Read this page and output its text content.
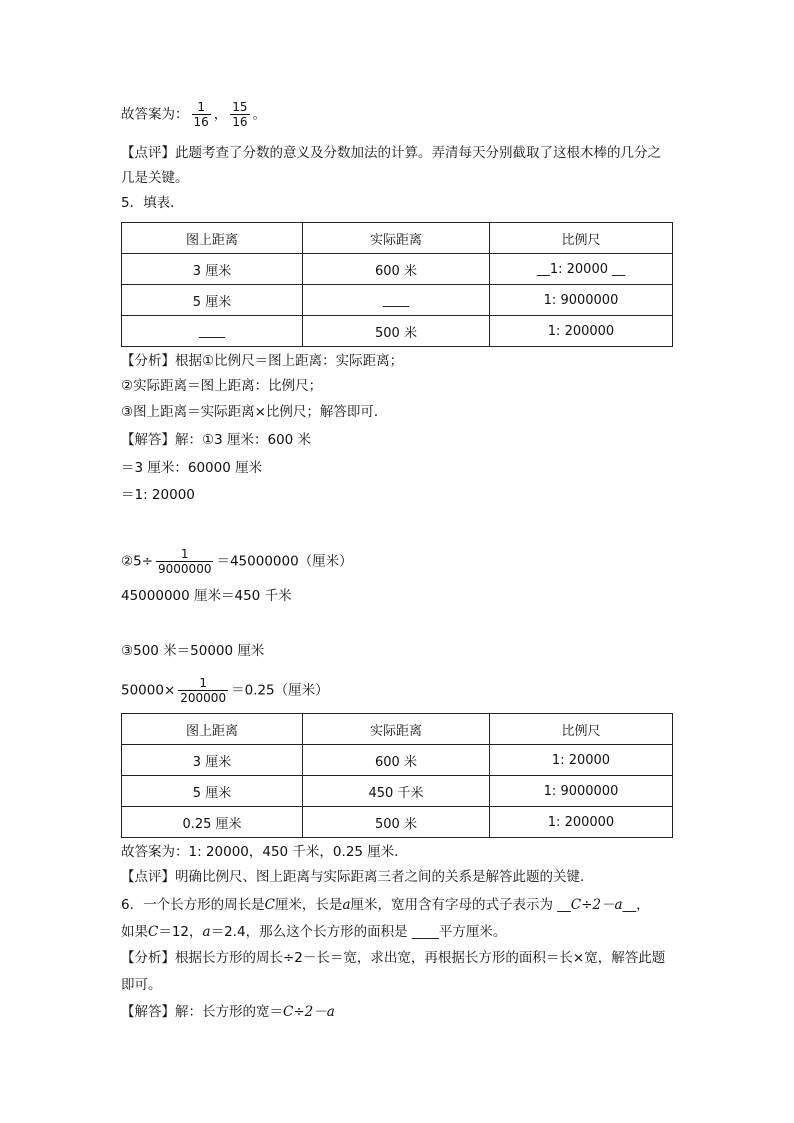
故答案为： $\frac{1}{16}$ ， $\frac{15}{16}$ 。
【点评】此题考查了分数的意义及分数加法的计算。弄清每天分别截取了这根木棒的几分之
几是关键。
5．填表．
图上距离	实际距离	比例尺
3 厘米	600 米	__1: 20000 __
5 厘米	____	1: 9000000
____	500 米	1: 200000
【分析】根据①比例尺＝图上距离：实际距离；
②实际距离＝图上距离：比例尺；
③图上距离＝实际距离×比例尺；解答即可．
【解答】解：①3 厘米：600 米
＝3 厘米：60000 厘米
＝1: 20000
②5÷ $\frac{1}{9000000} =45000000$（厘米）
45000000 厘米＝450 千米
③500 米＝50000 厘米
$50000\times \frac{1}{200000} =0.25$（厘米）
图上距离	实际距离	比例尺
3 厘米	600 米	1: 20000
5 厘米	450 千米	1: 9000000
0.25 厘米	500 米	1: 200000
故答案为：1: 20000，450 千米，0.25 厘米．
【点评】明确比例尺、图上距离与实际距离三者之间的关系是解答此题的关键．
6．一个长方形的周长是C厘米，长是a厘米，宽用含有字母的式子表示为 __C÷2－a__，
如果C＝12，a＝2.4，那么这个长方形的面积是 ____平方厘米。
【分析】根据长方形的周长÷2－长＝宽，求出宽，再根据长方形的面积＝长×宽，解答此题
即可。
【解答】解：长方形的宽＝C÷2－a
